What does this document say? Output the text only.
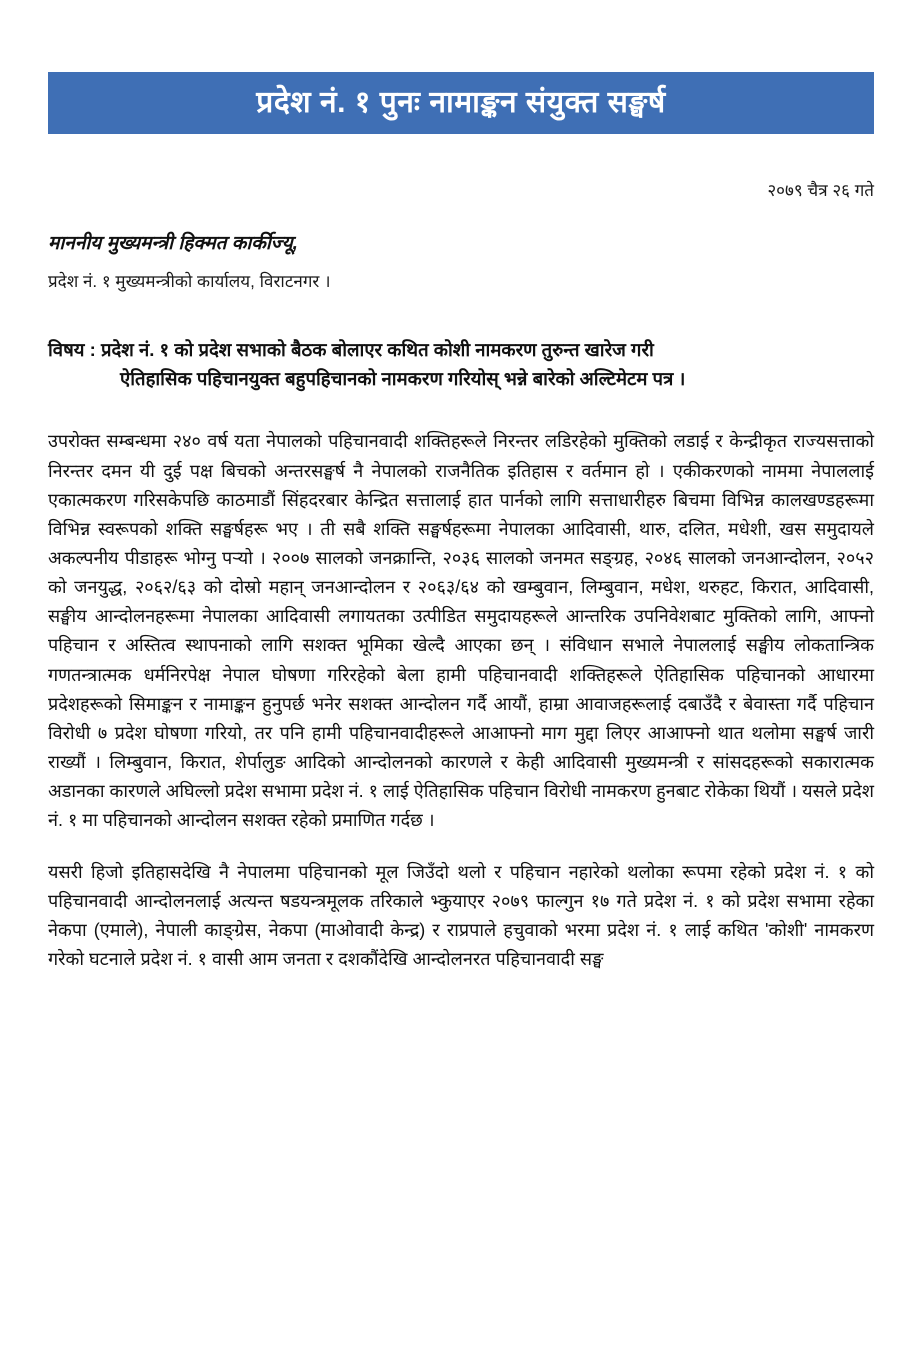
प्रदेश नं. १ पुनः नामाङ्कन संयुक्त सङ्घर्ष
२०७९ चैत्र २६ गते
माननीय मुख्यमन्त्री हिक्मत कार्कीज्यू,
प्रदेश नं. १ मुख्यमन्त्रीको कार्यालय, विराटनगर ।
विषय : प्रदेश नं. १ को प्रदेश सभाको बैठक बोलाएर कथित कोशी नामकरण तुरुन्त खारेज गरी
ऐतिहासिक पहिचानयुक्त बहुपहिचानको नामकरण गरियोस् भन्ने बारेको अल्टिमेटम पत्र ।
उपरोक्त सम्बन्धमा २४० वर्ष यता नेपालको पहिचानवादी शक्तिहरूले निरन्तर लडिरहेको मुक्तिको लडाई र केन्द्रीकृत राज्यसत्ताको निरन्तर दमन यी दुई पक्ष बिचको अन्तरसङ्घर्ष नै नेपालको राजनैतिक इतिहास र वर्तमान हो । एकीकरणको नाममा नेपाललाई एकात्मकरण गरिसकेपछि काठमाडौं सिंहदरबार केन्द्रित सत्तालाई हात पार्नको लागि सत्ताधारीहरु बिचमा विभिन्न कालखण्डहरूमा विभिन्न स्वरूपको शक्ति सङ्घर्षहरू भए । ती सबै शक्ति सङ्घर्षहरूमा नेपालका आदिवासी, थारु, दलित, मधेशी, खस समुदायले अकल्पनीय पीडाहरू भोग्नु पऱ्यो । २००७ सालको जनक्रान्ति, २०३६ सालको जनमत सङ्ग्रह, २०४६ सालको जनआन्दोलन, २०५२ को जनयुद्ध, २०६२/६३ को दोस्रो महान् जनआन्दोलन र २०६३/६४ को खम्बुवान, लिम्बुवान, मधेश, थरुहट, किरात, आदिवासी, सङ्घीय आन्दोलनहरूमा नेपालका आदिवासी लगायतका उत्पीडित समुदायहरूले आन्तरिक उपनिवेशबाट मुक्तिको लागि, आफ्नो पहिचान र अस्तित्व स्थापनाको लागि सशक्त भूमिका खेल्दै आएका छन् । संविधान सभाले नेपाललाई सङ्घीय लोकतान्त्रिक गणतन्त्रात्मक धर्मनिरपेक्ष नेपाल घोषणा गरिरहेको बेला हामी पहिचानवादी शक्तिहरूले ऐतिहासिक पहिचानको आधारमा प्रदेशहरूको सिमाङ्कन र नामाङ्कन हुनुपर्छ भनेर सशक्त आन्दोलन गर्दै आयौं, हाम्रा आवाजहरूलाई दबाउँदै र बेवास्ता गर्दै पहिचान विरोधी ७ प्रदेश घोषणा गरियो, तर पनि हामी पहिचानवादीहरूले आआफ्नो माग मुद्दा लिएर आआफ्नो थात थलोमा सङ्घर्ष जारी राख्यौं । लिम्बुवान, किरात, शेर्पालुङ आदिको आन्दोलनको कारणले र केही आदिवासी मुख्यमन्त्री र सांसदहरूको सकारात्मक अडानका कारणले अघिल्लो प्रदेश सभामा प्रदेश नं. १ लाई ऐतिहासिक पहिचान विरोधी नामकरण हुनबाट रोकेका थियौं । यसले प्रदेश नं. १ मा पहिचानको आन्दोलन सशक्त रहेको प्रमाणित गर्दछ ।
यसरी हिजो इतिहासदेखि नै नेपालमा पहिचानको मूल जिउँदो थलो र पहिचान नहारेको थलोका रूपमा रहेको प्रदेश नं. १ को पहिचानवादी आन्दोलनलाई अत्यन्त षडयन्त्रमूलक तरिकाले भ्कुयाएर २०७९ फाल्गुन १७ गते प्रदेश नं. १ को प्रदेश सभामा रहेका नेकपा (एमाले), नेपाली काङ्ग्रेस, नेकपा (माओवादी केन्द्र) र राप्रपाले हचुवाको भरमा प्रदेश नं. १ लाई कथित 'कोशी' नामकरण गरेको घटनाले प्रदेश नं. १ वासी आम जनता र दशकौंदेखि आन्दोलनरत पहिचानवादी सङ्घ
